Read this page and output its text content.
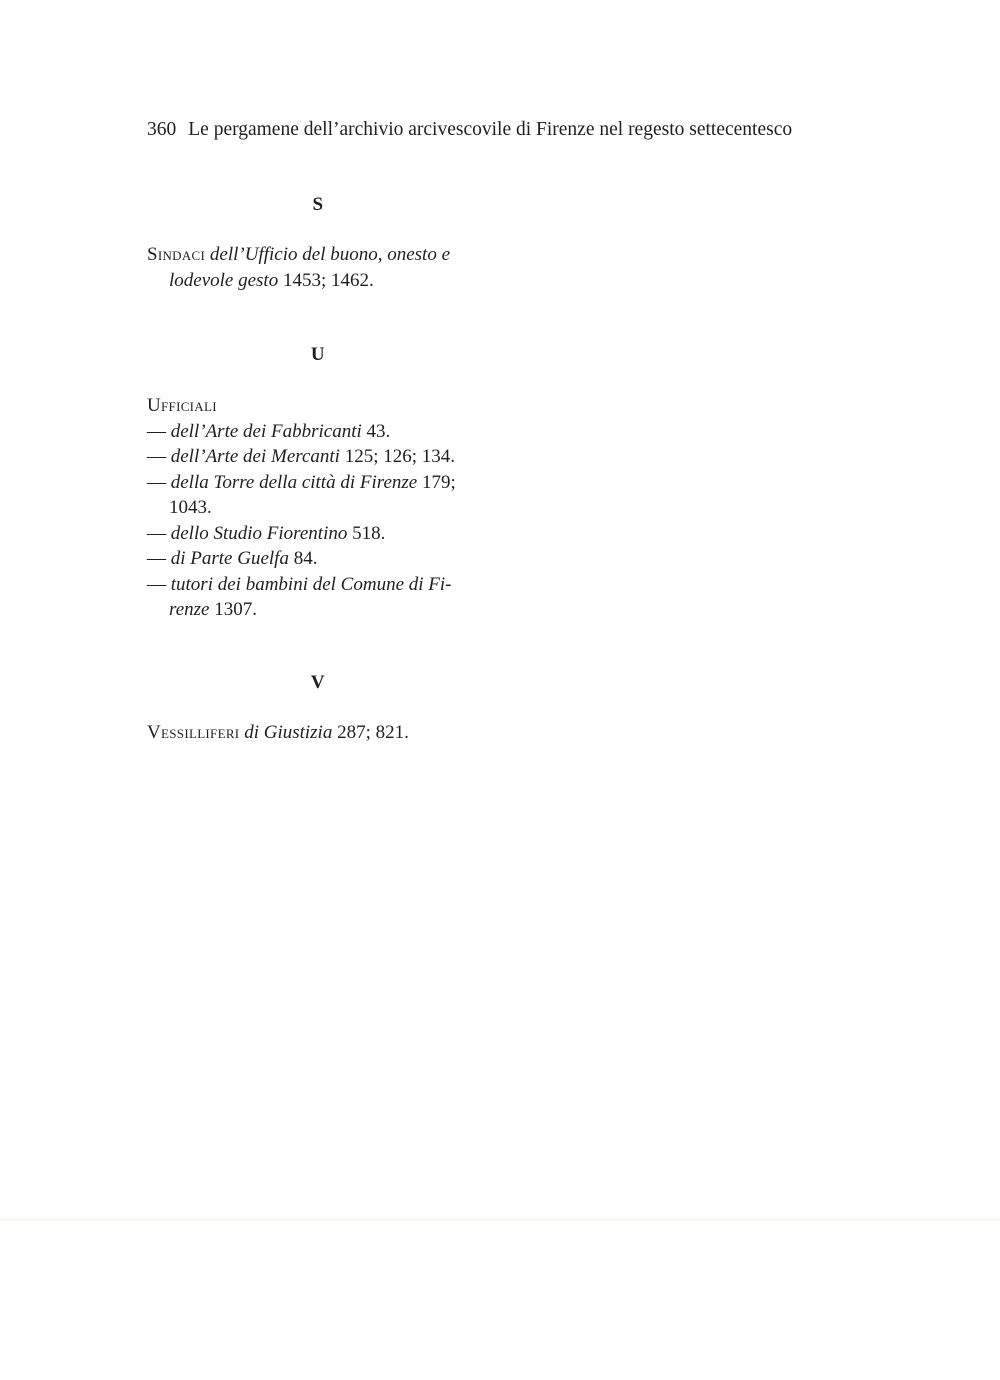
360 Le pergamene dell’archivio arcivescovile di Firenze nel regesto settecentesco
S
Sindaci dell’Ufficio del buono, onesto e
lodevole gesto 1453; 1462.
U
Ufficiali
— dell’Arte dei Fabbricanti 43.
— dell’Arte dei Mercanti 125; 126; 134.
— della Torre della città di Firenze 179;
1043.
— dello Studio Fiorentino 518.
— di Parte Guelfa 84.
— tutori dei bambini del Comune di Fi-
renze 1307.
V
Vessilliferi di Giustizia 287; 821.
